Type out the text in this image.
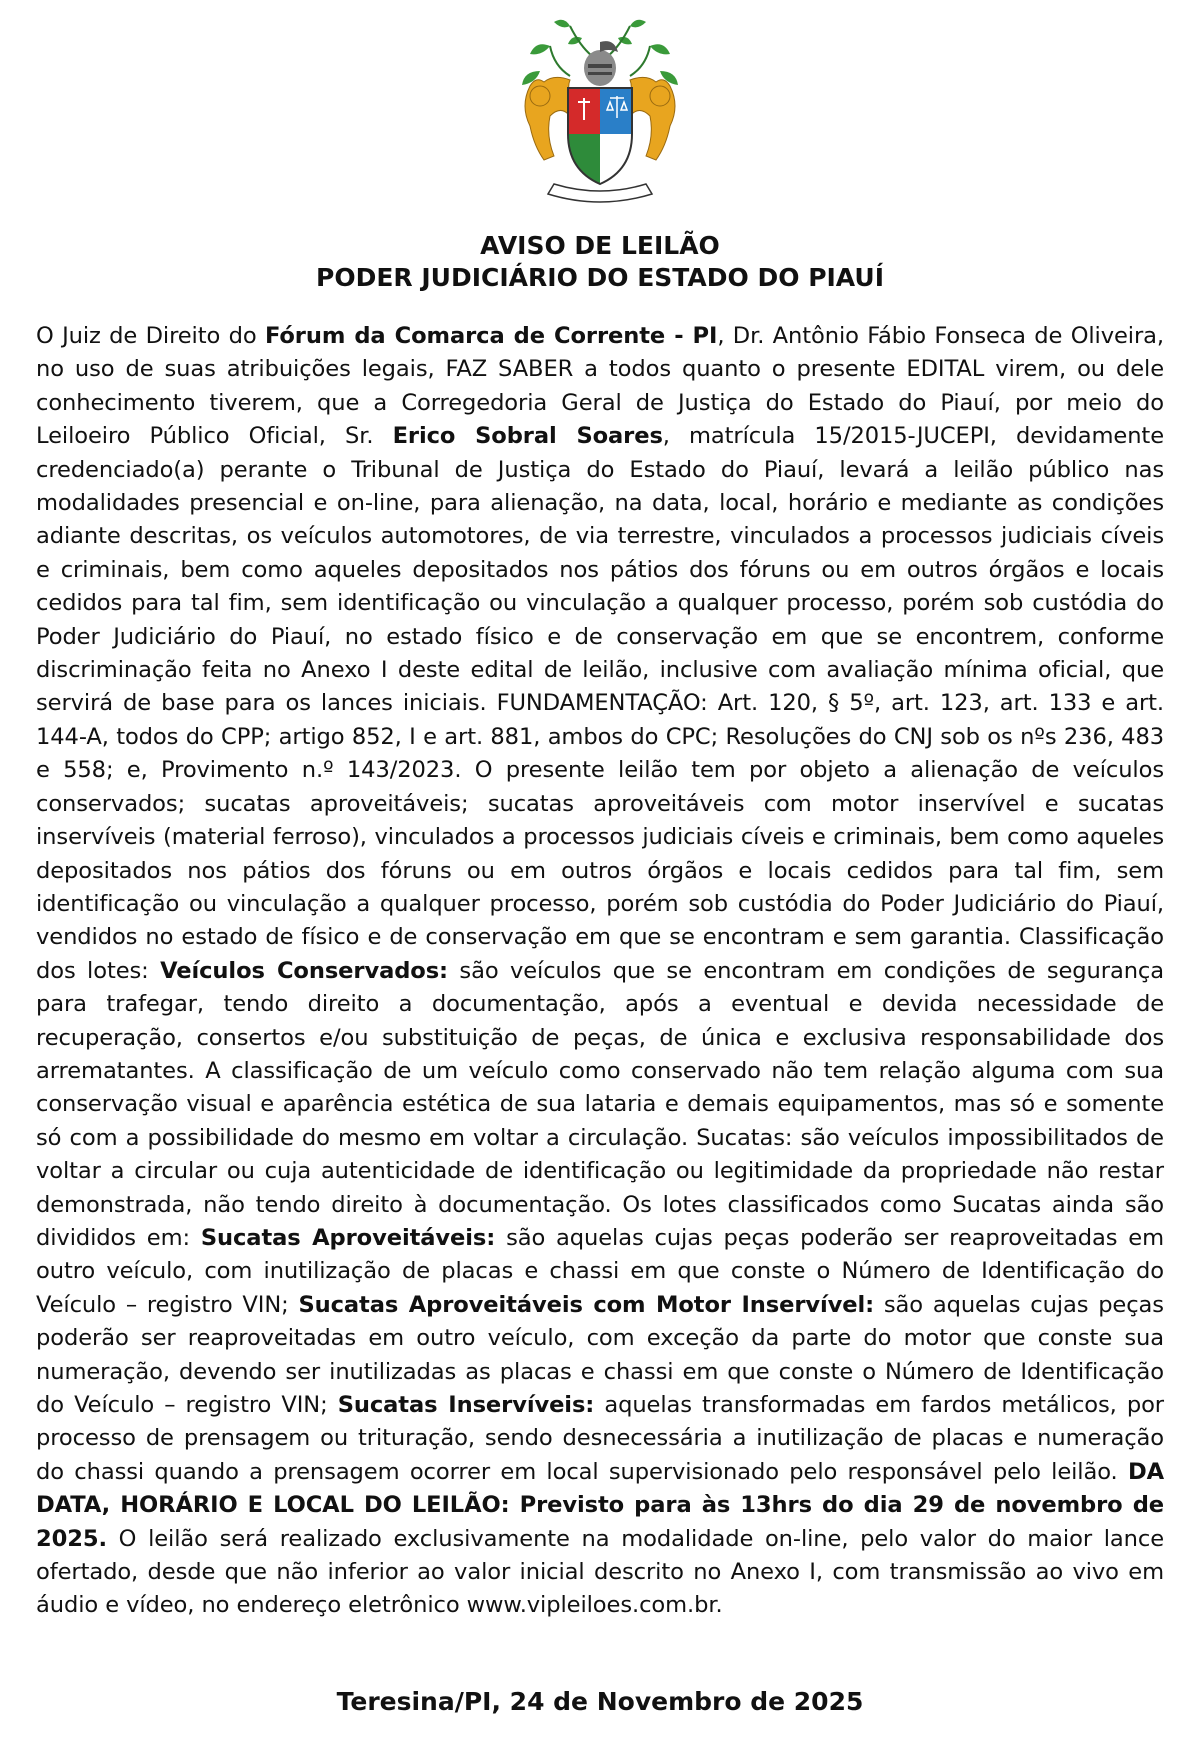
AVISO DE LEILÃO
PODER JUDICIÁRIO DO ESTADO DO PIAUÍ
O Juiz de Direito do Fórum da Comarca de Corrente - PI, Dr. Antônio Fábio Fonseca de Oliveira, no uso de suas atribuições legais, FAZ SABER a todos quanto o presente EDITAL virem, ou dele conhecimento tiverem, que a Corregedoria Geral de Justiça do Estado do Piauí, por meio do Leiloeiro Público Oficial, Sr. Erico Sobral Soares, matrícula 15/2015-JUCEPI, devidamente credenciado(a) perante o Tribunal de Justiça do Estado do Piauí, levará a leilão público nas modalidades presencial e on-line, para alienação, na data, local, horário e mediante as condições adiante descritas, os veículos automotores, de via terrestre, vinculados a processos judiciais cíveis e criminais, bem como aqueles depositados nos pátios dos fóruns ou em outros órgãos e locais cedidos para tal fim, sem identificação ou vinculação a qualquer processo, porém sob custódia do Poder Judiciário do Piauí, no estado físico e de conservação em que se encontrem, conforme discriminação feita no Anexo I deste edital de leilão, inclusive com avaliação mínima oficial, que servirá de base para os lances iniciais. FUNDAMENTAÇÃO: Art. 120, § 5º, art. 123, art. 133 e art. 144-A, todos do CPP; artigo 852, I e art. 881, ambos do CPC; Resoluções do CNJ sob os nºs 236, 483 e 558; e, Provimento n.º 143/2023. O presente leilão tem por objeto a alienação de veículos conservados; sucatas aproveitáveis; sucatas aproveitáveis com motor inservível e sucatas inservíveis (material ferroso), vinculados a processos judiciais cíveis e criminais, bem como aqueles depositados nos pátios dos fóruns ou em outros órgãos e locais cedidos para tal fim, sem identificação ou vinculação a qualquer processo, porém sob custódia do Poder Judiciário do Piauí, vendidos no estado de físico e de conservação em que se encontram e sem garantia. Classificação dos lotes: Veículos Conservados: são veículos que se encontram em condições de segurança para trafegar, tendo direito a documentação, após a eventual e devida necessidade de recuperação, consertos e/ou substituição de peças, de única e exclusiva responsabilidade dos arrematantes. A classificação de um veículo como conservado não tem relação alguma com sua conservação visual e aparência estética de sua lataria e demais equipamentos, mas só e somente só com a possibilidade do mesmo em voltar a circulação. Sucatas: são veículos impossibilitados de voltar a circular ou cuja autenticidade de identificação ou legitimidade da propriedade não restar demonstrada, não tendo direito à documentação. Os lotes classificados como Sucatas ainda são divididos em: Sucatas Aproveitáveis: são aquelas cujas peças poderão ser reaproveitadas em outro veículo, com inutilização de placas e chassi em que conste o Número de Identificação do Veículo – registro VIN; Sucatas Aproveitáveis com Motor Inservível: são aquelas cujas peças poderão ser reaproveitadas em outro veículo, com exceção da parte do motor que conste sua numeração, devendo ser inutilizadas as placas e chassi em que conste o Número de Identificação do Veículo – registro VIN; Sucatas Inservíveis: aquelas transformadas em fardos metálicos, por processo de prensagem ou trituração, sendo desnecessária a inutilização de placas e numeração do chassi quando a prensagem ocorrer em local supervisionado pelo responsável pelo leilão. DA DATA, HORÁRIO E LOCAL DO LEILÃO: Previsto para às 13hrs do dia 29 de novembro de 2025. O leilão será realizado exclusivamente na modalidade on-line, pelo valor do maior lance ofertado, desde que não inferior ao valor inicial descrito no Anexo I, com transmissão ao vivo em áudio e vídeo, no endereço eletrônico www.vipleiloes.com.br.
Teresina/PI, 24 de Novembro de 2025
